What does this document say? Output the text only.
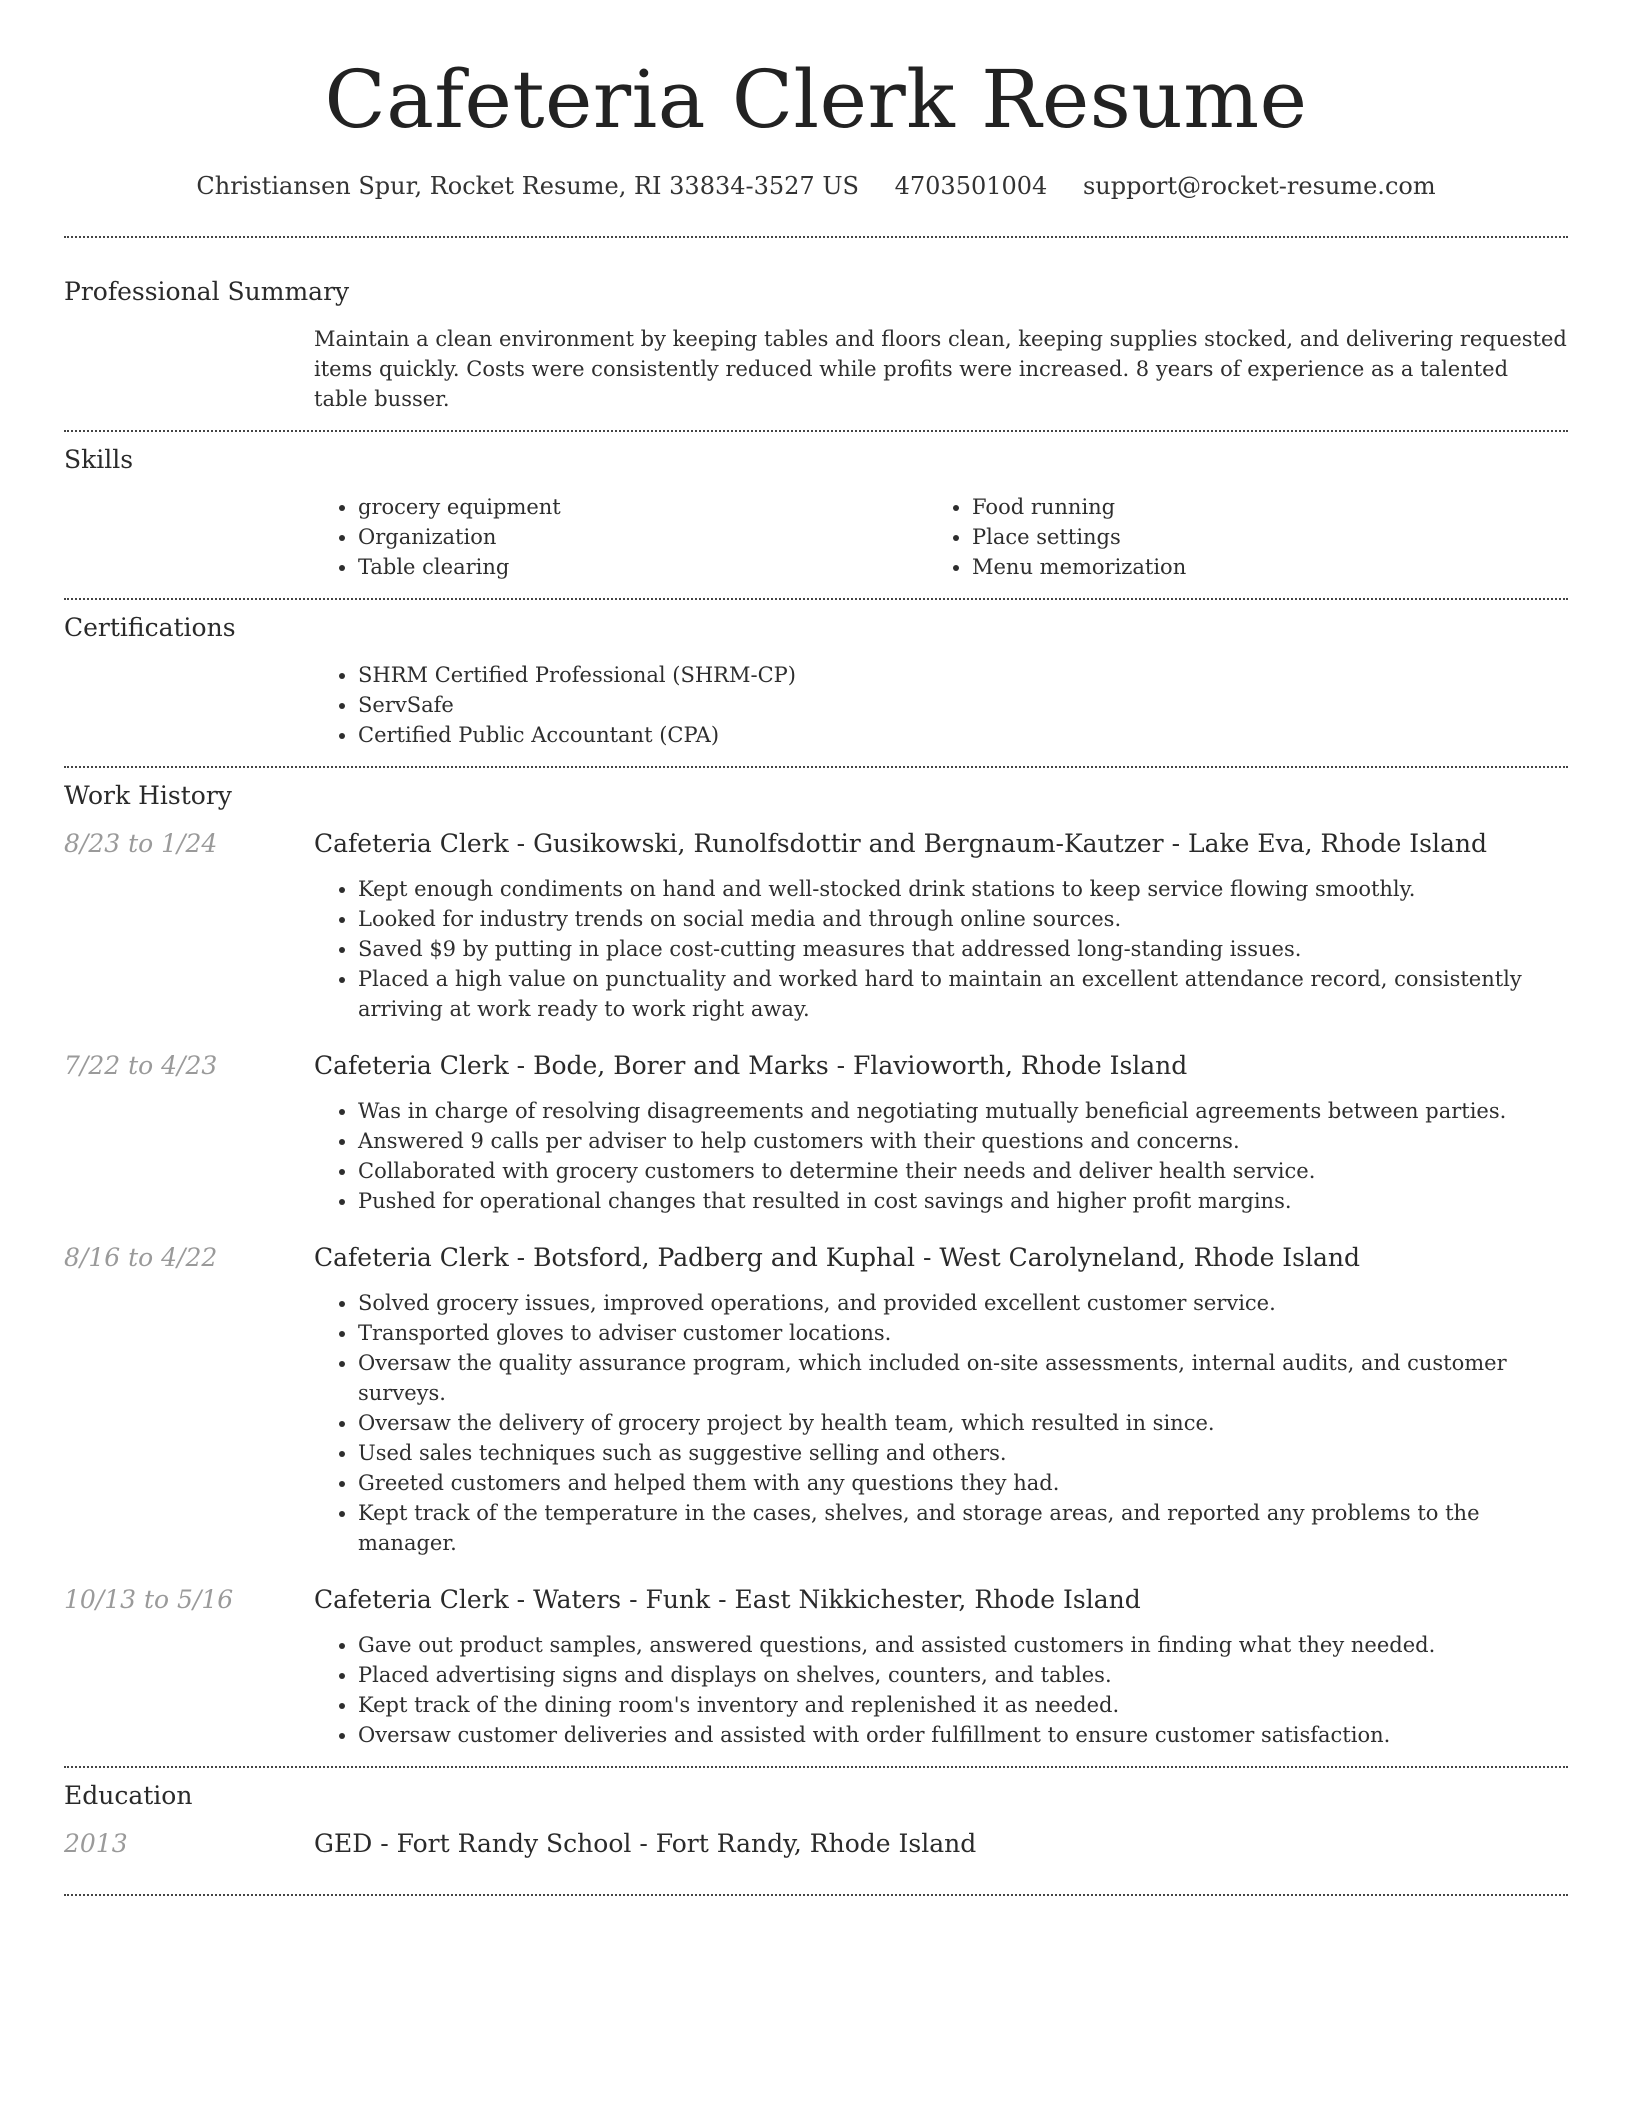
Cafeteria Clerk Resume
Christiansen Spur, Rocket Resume, RI 33834-3527 US 4703501004 support@rocket-resume.com
Professional Summary

Maintain a clean environment by keeping tables and floors clean, keeping supplies stocked, and delivering requested items quickly. Costs were consistently reduced while profits were increased. 8 years of experience as a talented table busser.

Skills
• grocery equipment
• Organization
• Table clearing
• Food running
• Place settings
• Menu memorization
Certifications
• SHRM Certified Professional (SHRM-CP)
• ServSafe
• Certified Public Accountant (CPA)
Work History
8/23 to 1/24	Cafeteria Clerk - Gusikowski, Runolfsdottir and Bergnaum-Kautzer - Lake Eva, Rhode Island
• Kept enough condiments on hand and well-stocked drink stations to keep service flowing smoothly.
• Looked for industry trends on social media and through online sources.
• Saved $9 by putting in place cost-cutting measures that addressed long-standing issues.
• Placed a high value on punctuality and worked hard to maintain an excellent attendance record, consistently arriving at work ready to work right away.
7/22 to 4/23	Cafeteria Clerk - Bode, Borer and Marks - Flavioworth, Rhode Island
• Was in charge of resolving disagreements and negotiating mutually beneficial agreements between parties.
• Answered 9 calls per adviser to help customers with their questions and concerns.
• Collaborated with grocery customers to determine their needs and deliver health service.
• Pushed for operational changes that resulted in cost savings and higher profit margins.
8/16 to 4/22	Cafeteria Clerk - Botsford, Padberg and Kuphal - West Carolyneland, Rhode Island
• Solved grocery issues, improved operations, and provided excellent customer service.
• Transported gloves to adviser customer locations.
• Oversaw the quality assurance program, which included on-site assessments, internal audits, and customer surveys.
• Oversaw the delivery of grocery project by health team, which resulted in since.
• Used sales techniques such as suggestive selling and others.
• Greeted customers and helped them with any questions they had.
• Kept track of the temperature in the cases, shelves, and storage areas, and reported any problems to the manager.
10/13 to 5/16	Cafeteria Clerk - Waters - Funk - East Nikkichester, Rhode Island
• Gave out product samples, answered questions, and assisted customers in finding what they needed.
• Placed advertising signs and displays on shelves, counters, and tables.
• Kept track of the dining room's inventory and replenished it as needed.
• Oversaw customer deliveries and assisted with order fulfillment to ensure customer satisfaction.
Education
2013	GED - Fort Randy School - Fort Randy, Rhode Island
